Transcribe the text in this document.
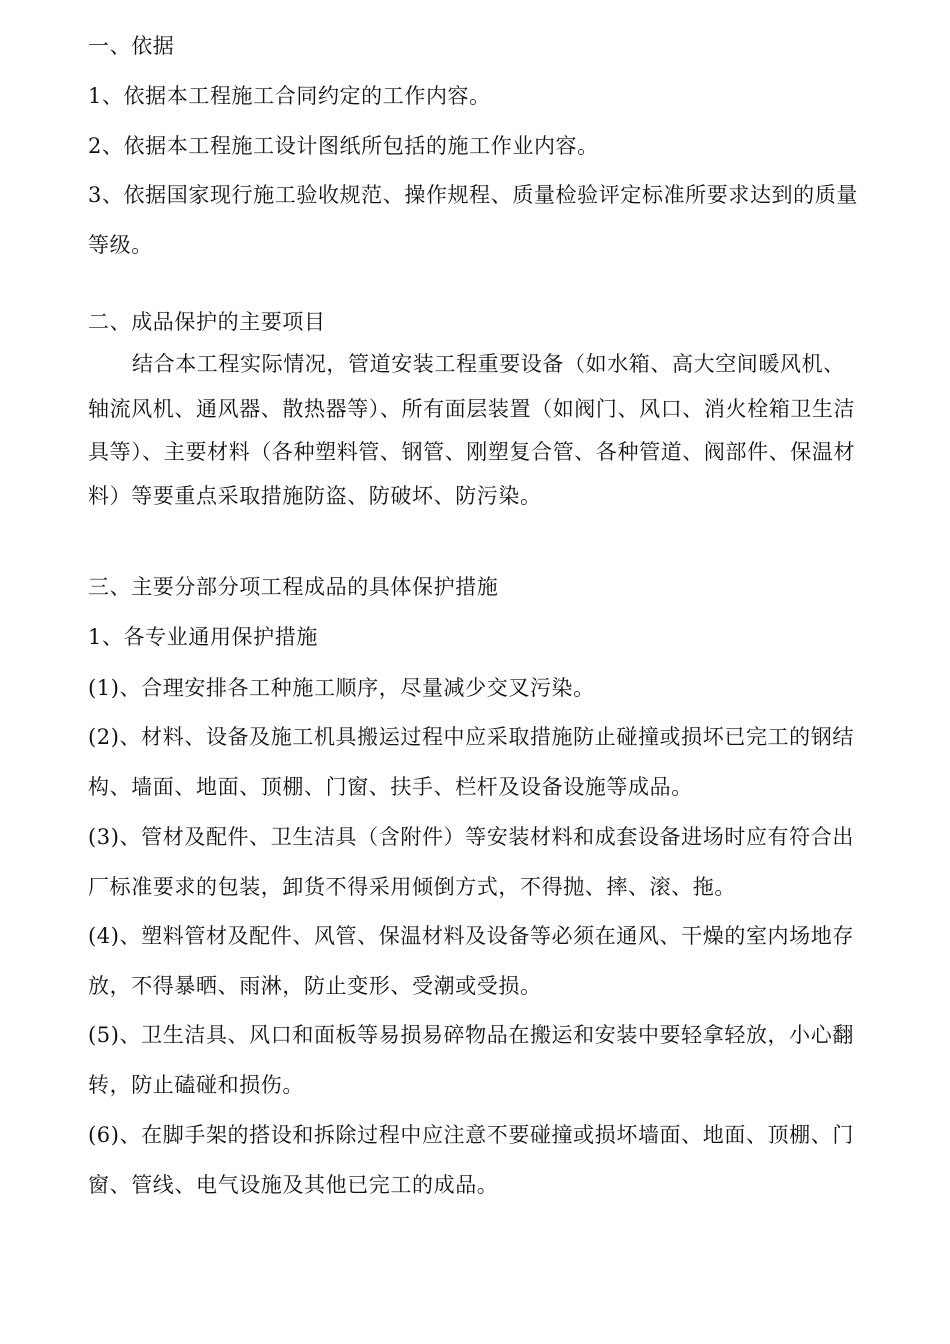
一、依据
1、依据本工程施工合同约定的工作内容。
2、依据本工程施工设计图纸所包括的施工作业内容。
3、依据国家现行施工验收规范、操作规程、质量检验评定标准所要求达到的质量
等级。
二、成品保护的主要项目
结合本工程实际情况，管道安装工程重要设备（如水箱、高大空间暖风机、
轴流风机、通风器、散热器等）、所有面层装置（如阀门、风口、消火栓箱卫生洁
具等）、主要材料（各种塑料管、钢管、刚塑复合管、各种管道、阀部件、保温材
料）等要重点采取措施防盗、防破坏、防污染。
三、主要分部分项工程成品的具体保护措施
1、各专业通用保护措施
(1)、合理安排各工种施工顺序，尽量减少交叉污染。
(2)、材料、设备及施工机具搬运过程中应采取措施防止碰撞或损坏已完工的钢结
构、墙面、地面、顶棚、门窗、扶手、栏杆及设备设施等成品。
(3)、管材及配件、卫生洁具（含附件）等安装材料和成套设备进场时应有符合出
厂标准要求的包装，卸货不得采用倾倒方式，不得抛、摔、滚、拖。
(4)、塑料管材及配件、风管、保温材料及设备等必须在通风、干燥的室内场地存
放，不得暴晒、雨淋，防止变形、受潮或受损。
(5)、卫生洁具、风口和面板等易损易碎物品在搬运和安装中要轻拿轻放，小心翻
转，防止磕碰和损伤。
(6)、在脚手架的搭设和拆除过程中应注意不要碰撞或损坏墙面、地面、顶棚、门
窗、管线、电气设施及其他已完工的成品。
